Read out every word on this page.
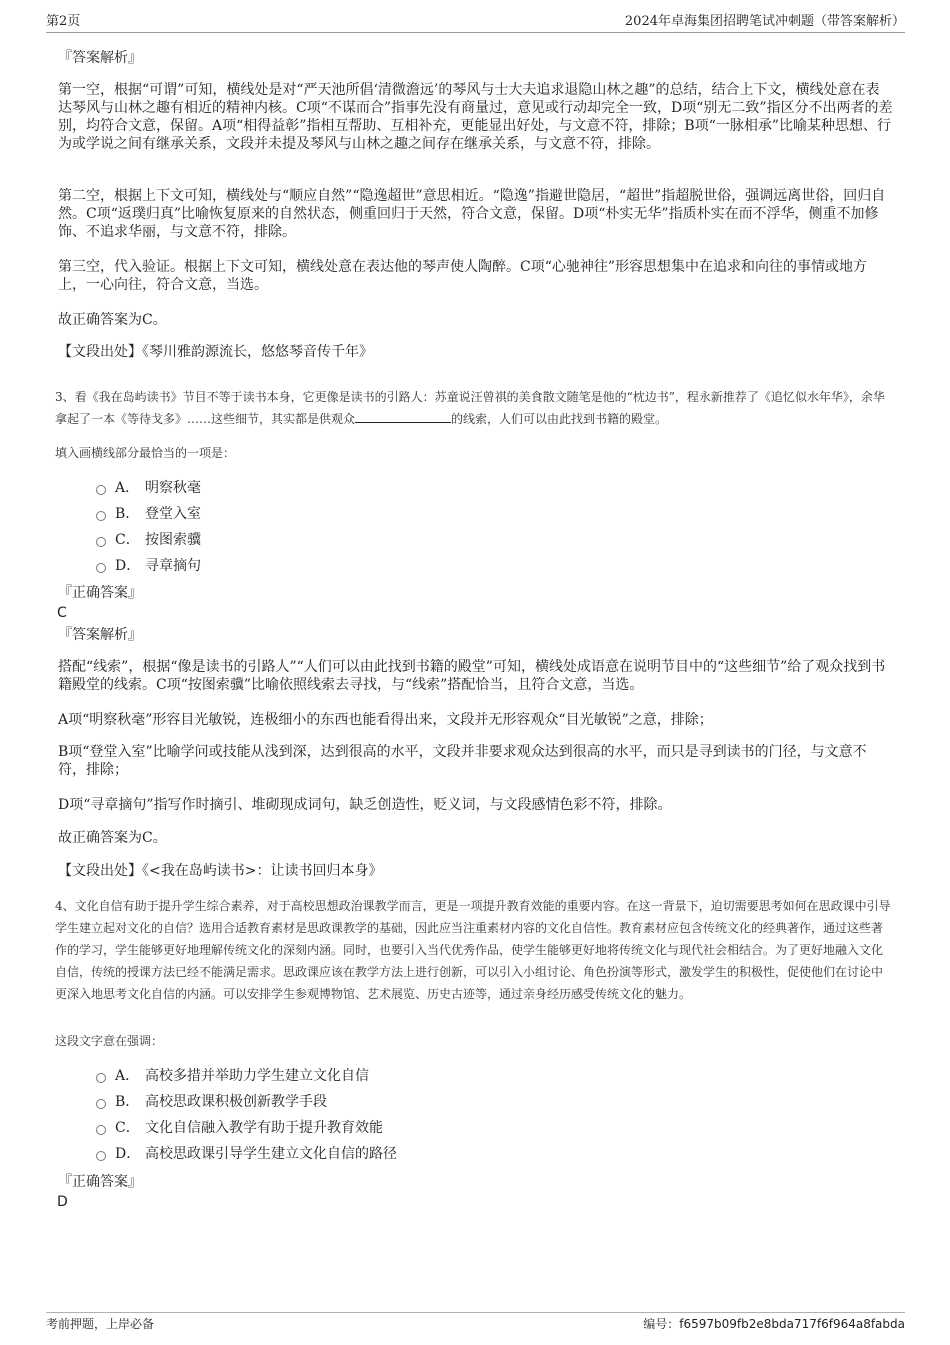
第2页	2024年卓海集团招聘笔试冲刺题（带答案解析）
『答案解析』
第一空，根据“可谓”可知，横线处是对“严天池所倡‘清微澹远’的琴风与士大夫追求退隐山林之趣”的总结，结合上下文，横线处意在表达琴风与山林之趣有相近的精神内核。C项“不谋而合”指事先没有商量过，意见或行动却完全一致，D项“别无二致”指区分不出两者的差别，均符合文意，保留。A项“相得益彰”指相互帮助、互相补充，更能显出好处，与文意不符，排除；B项“一脉相承”比喻某种思想、行为或学说之间有继承关系，文段并未提及琴风与山林之趣之间存在继承关系，与文意不符，排除。
第二空，根据上下文可知，横线处与“顺应自然”“隐逸超世”意思相近。“隐逸”指避世隐居，“超世”指超脱世俗，强调远离世俗，回归自然。C项“返璞归真”比喻恢复原来的自然状态，侧重回归于天然，符合文意，保留。D项“朴实无华”指质朴实在而不浮华，侧重不加修饰、不追求华丽，与文意不符，排除。
第三空，代入验证。根据上下文可知，横线处意在表达他的琴声使人陶醉。C项“心驰神往”形容思想集中在追求和向往的事情或地方上，一心向往，符合文意，当选。
故正确答案为C。
【文段出处】《琴川雅韵源流长，悠悠琴音传千年》
3、看《我在岛屿读书》节目不等于读书本身，它更像是读书的引路人：苏童说汪曾祺的美食散文随笔是他的“枕边书”，程永新推荐了《追忆似水年华》，余华拿起了一本《等待戈多》……这些细节，其实都是供观众	的线索，人们可以由此找到书籍的殿堂。
填入画横线部分最恰当的一项是：
A． 明察秋毫
B． 登堂入室
C． 按图索骥
D． 寻章摘句
『正确答案』
C
『答案解析』
搭配“线索”，根据“像是读书的引路人”“人们可以由此找到书籍的殿堂”可知，横线处成语意在说明节目中的“这些细节”给了观众找到书籍殿堂的线索。C项“按图索骥”比喻依照线索去寻找，与“线索”搭配恰当，且符合文意，当选。
A项“明察秋毫”形容目光敏锐，连极细小的东西也能看得出来，文段并无形容观众“目光敏锐”之意，排除；
B项“登堂入室”比喻学问或技能从浅到深，达到很高的水平，文段并非要求观众达到很高的水平，而只是寻到读书的门径，与文意不符，排除；
D项“寻章摘句”指写作时摘引、堆砌现成词句，缺乏创造性，贬义词，与文段感情色彩不符，排除。
故正确答案为C。
【文段出处】《<我在岛屿读书>：让读书回归本身》
4、文化自信有助于提升学生综合素养，对于高校思想政治课教学而言，更是一项提升教育效能的重要内容。在这一背景下，迫切需要思考如何在思政课中引导学生建立起对文化的自信？选用合适教育素材是思政课教学的基础，因此应当注重素材内容的文化自信性。教育素材应包含传统文化的经典著作，通过这些著作的学习，学生能够更好地理解传统文化的深刻内涵。同时，也要引入当代优秀作品，使学生能够更好地将传统文化与现代社会相结合。为了更好地融入文化自信，传统的授课方法已经不能满足需求。思政课应该在教学方法上进行创新，可以引入小组讨论、角色扮演等形式，激发学生的积极性，促使他们在讨论中更深入地思考文化自信的内涵。可以安排学生参观博物馆、艺术展览、历史古迹等，通过亲身经历感受传统文化的魅力。
这段文字意在强调：
A． 高校多措并举助力学生建立文化自信
B． 高校思政课积极创新教学手段
C． 文化自信融入教学有助于提升教育效能
D． 高校思政课引导学生建立文化自信的路径
『正确答案』
D
考前押题，上岸必备	编号：f6597b09fb2e8bda717f6f964a8fabda
